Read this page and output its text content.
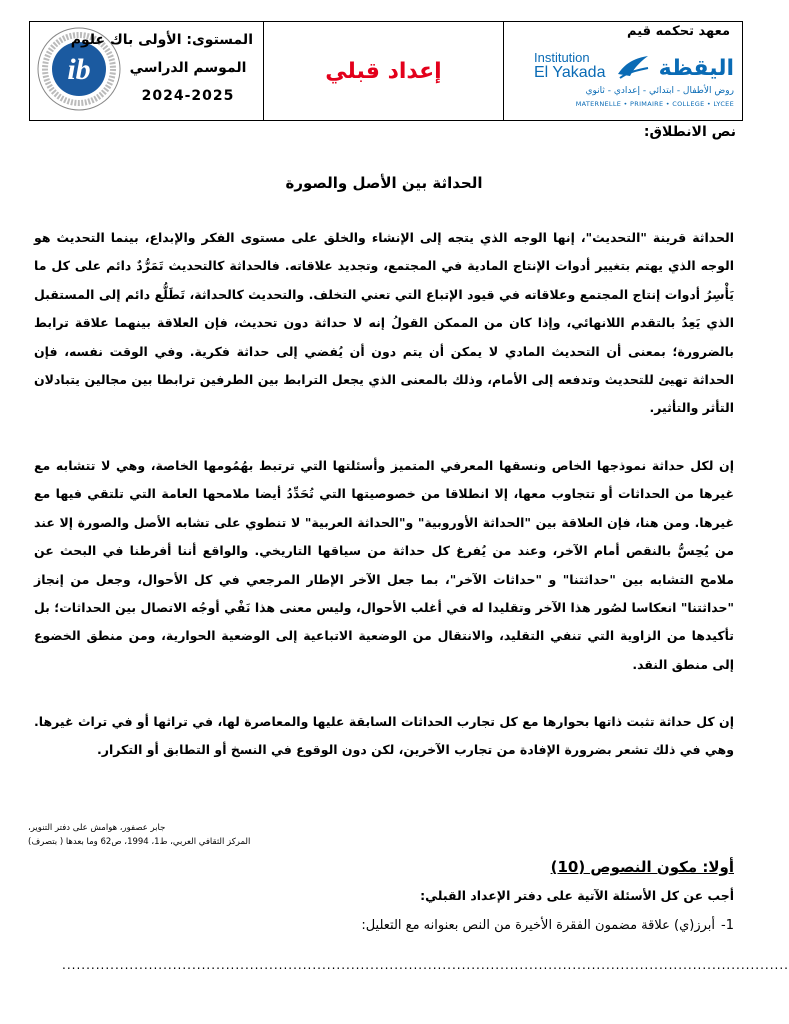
ib
المستوى: الأولى باك علوم
الموسم الدراسي
2024-2025
إعداد قبلي
معهد تحكمه قيم
Institution
El Yakada اليقظة
روض الأطفال - ابتدائي - إعدادي - ثانوي
MATERNELLE • PRIMAIRE • COLLEGE • LYCEE
نص الانطلاق:
الحداثة بين الأصل والصورة
الحداثة قرينة "التحديث"، إنها الوجه الذي يتجه إلى الإنشاء والخلق على مستوى الفكر والإبداع، بينما التحديث هو الوجه الذي يهتم بتغيير أدوات الإنتاج المادية في المجتمع، وتجديد علاقاته. فالحداثة كالتحديث تَمَرُّدٌ دائم على كل ما يَأْسِرُ أدوات إنتاج المجتمع وعلاقاته في قيود الإتباع التي تعني التخلف. والتحديث كالحداثة، تَطَلُّع دائم إلى المستقبل الذي يَعِدُ بالتقدم اللانهائي، وإذا كان من الممكن القولُ إنه لا حداثة دون تحديث، فإن العلاقة بينهما علاقة ترابط بالضرورة؛ بمعنى أن التحديث المادي لا يمكن أن يتم دون أن يُفضي إلى حداثة فكرية. وفي الوقت نفسه، فإن الحداثة تهيئ للتحديث وتدفعه إلى الأمام، وذلك بالمعنى الذي يجعل الترابط بين الطرفين ترابطا بين مجالين يتبادلان التأثر والتأثير.
إن لكل حداثة نموذجها الخاص ونسقها المعرفي المتميز وأسئلتها التي ترتبط بهُمُومها الخاصة، وهي لا تتشابه مع غيرها من الحداثات أو تتجاوب معها، إلا انطلاقا من خصوصيتها التي تُحَدِّدُ أيضا ملامحها العامة التي تلتقي فيها مع غيرها. ومن هنا، فإن العلاقة بين "الحداثة الأوروبية" و"الحداثة العربية" لا تنطوي على تشابه الأصل والصورة إلا عند من يُحِسُّ بالنقص أمام الآخر، وعند من يُفرغ كل حداثة من سياقها التاريخي. والواقع أننا أفرطنا في البحث عن ملامح التشابه بين "حداثتنا" و "حداثات الآخر"، بما جعل الآخر الإطار المرجعي في كل الأحوال، وجعل من إنجاز "حداثتنا" انعكاسا لصُور هذا الآخر وتقليدا له في أغلب الأحوال، وليس معنى هذا نَفْي أوجُه الاتصال بين الحداثات؛ بل تأكيدها من الزاوية التي تنفي التقليد، والانتقال من الوضعية الاتباعية إلى الوضعية الحوارية، ومن منطق الخضوع إلى منطق النقد.
إن كل حداثة تثبت ذاتها بحوارها مع كل تجارب الحداثات السابقة عليها والمعاصرة لها، في تراثها أو في تراث غيرها. وهي في ذلك تشعر بضرورة الإفادة من تجارب الآخرين، لكن دون الوقوع في النسخ أو التطابق أو التكرار.
جابر عصفور، هوامش على دفتر التنوير،
المركز الثقافي العربي، ط1، 1994، ص62 وما بعدها ( بتصرف)
أولا: مكون النصوص (10)
أجب عن كل الأسئلة الآتية على دفتر الإعداد القبلي:
1-
أبرز(ي) علاقة مضمون الفقرة الأخيرة من النص بعنوانه مع التعليل:
.......................................................................................................................................................
